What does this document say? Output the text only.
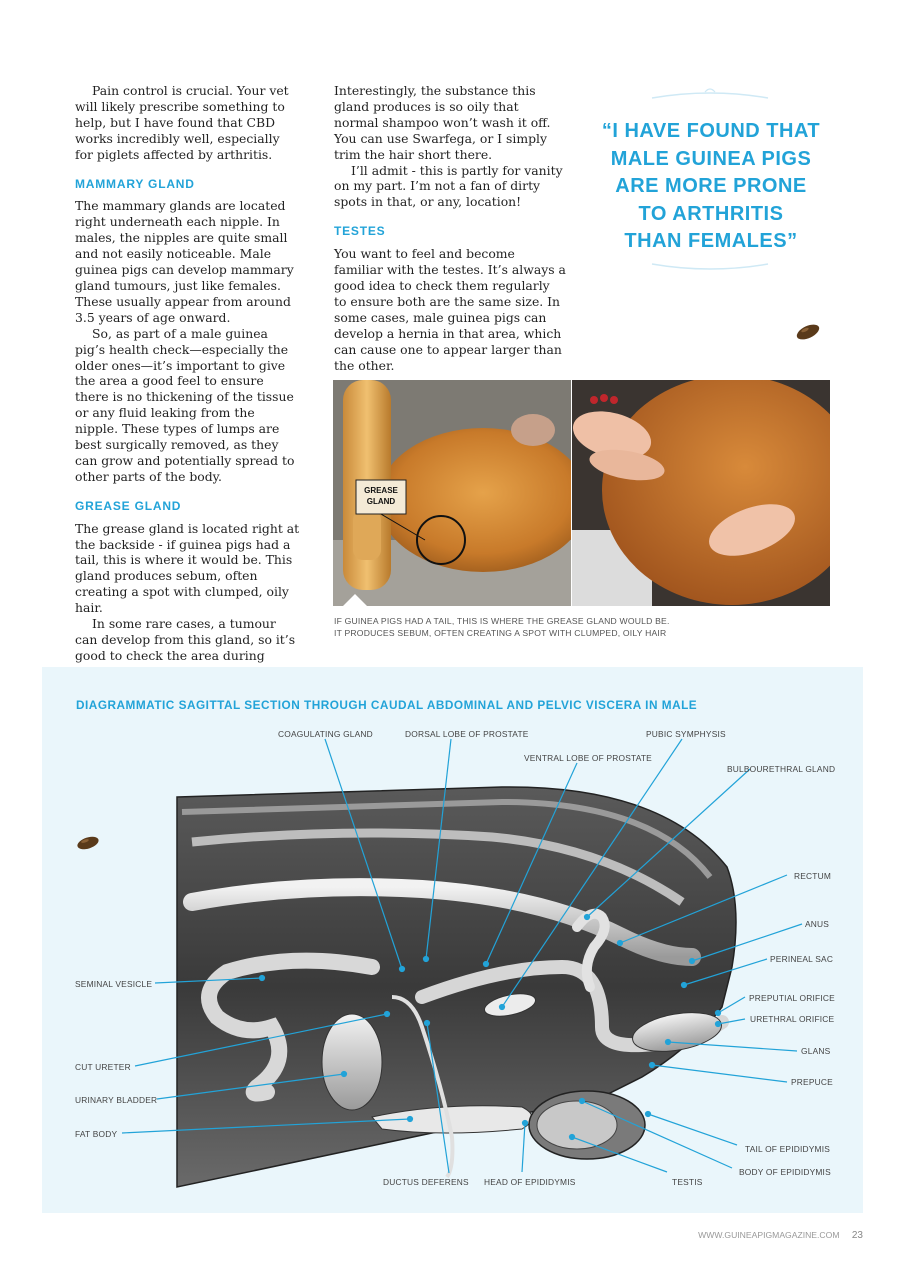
Pain control is crucial. Your vet will likely prescribe something to help, but I have found that CBD works incredibly well, especially for piglets affected by arthritis.

MAMMARY GLAND

The mammary glands are located right underneath each nipple. In males, the nipples are quite small and not easily noticeable. Male guinea pigs can develop mammary gland tumours, just like females. These usually appear from around 3.5 years of age onward.

So, as part of a male guinea pig’s health check—especially the older ones—it’s important to give the area a good feel to ensure there is no thickening of the tissue or any fluid leaking from the nipple. These types of lumps are best surgically removed, as they can grow and potentially spread to other parts of the body.

GREASE GLAND

The grease gland is located right at the backside - if guinea pigs had a tail, this is where it would be. This gland produces sebum, often creating a spot with clumped, oily hair.

In some rare cases, a tumour can develop from this gland, so it’s good to check the area during

Interestingly, the substance this gland produces is so oily that normal shampoo won’t wash it off. You can use Swarfega, or I simply trim the hair short there.

I’ll admit - this is partly for vanity on my part. I’m not a fan of dirty spots in that, or any, location!

TESTES

You want to feel and become familiar with the testes. It’s always a good idea to check them regularly to ensure both are the same size. In some cases, male guinea pigs can develop a hernia in that area, which can cause one to appear larger than the other.

“I HAVE FOUND THAT
MALE GUINEA PIGS
ARE MORE PRONE
TO ARTHRITIS
THAN FEMALES”
GREASE
GLAND
IF GUINEA PIGS HAD A TAIL, THIS IS WHERE THE GREASE GLAND WOULD BE.
IT PRODUCES SEBUM, OFTEN CREATING A SPOT WITH CLUMPED, OILY HAIR
DIAGRAMMATIC SAGITTAL SECTION THROUGH CAUDAL ABDOMINAL AND PELVIC VISCERA IN MALE
COAGULATING GLAND	DORSAL LOBE OF PROSTATE
VENTRAL LOBE OF PROSTATE
PUBIC SYMPHYSIS
BULBOURETHRAL GLAND
RECTUM
ANUS
PERINEAL SAC
PREPUTIAL ORIFICE
URETHRAL ORIFICE
GLANS
PREPUCE
SEMINAL VESICLE
CUT URETER
URINARY BLADDER
FAT BODY
DUCTUS DEFERENS HEAD OF EPIDIDYMIS	TESTIS
TAIL OF EPIDIDYMIS
BODY OF EPIDIDYMIS
WWW.GUINEAPIGMAGAZINE.COM 23
